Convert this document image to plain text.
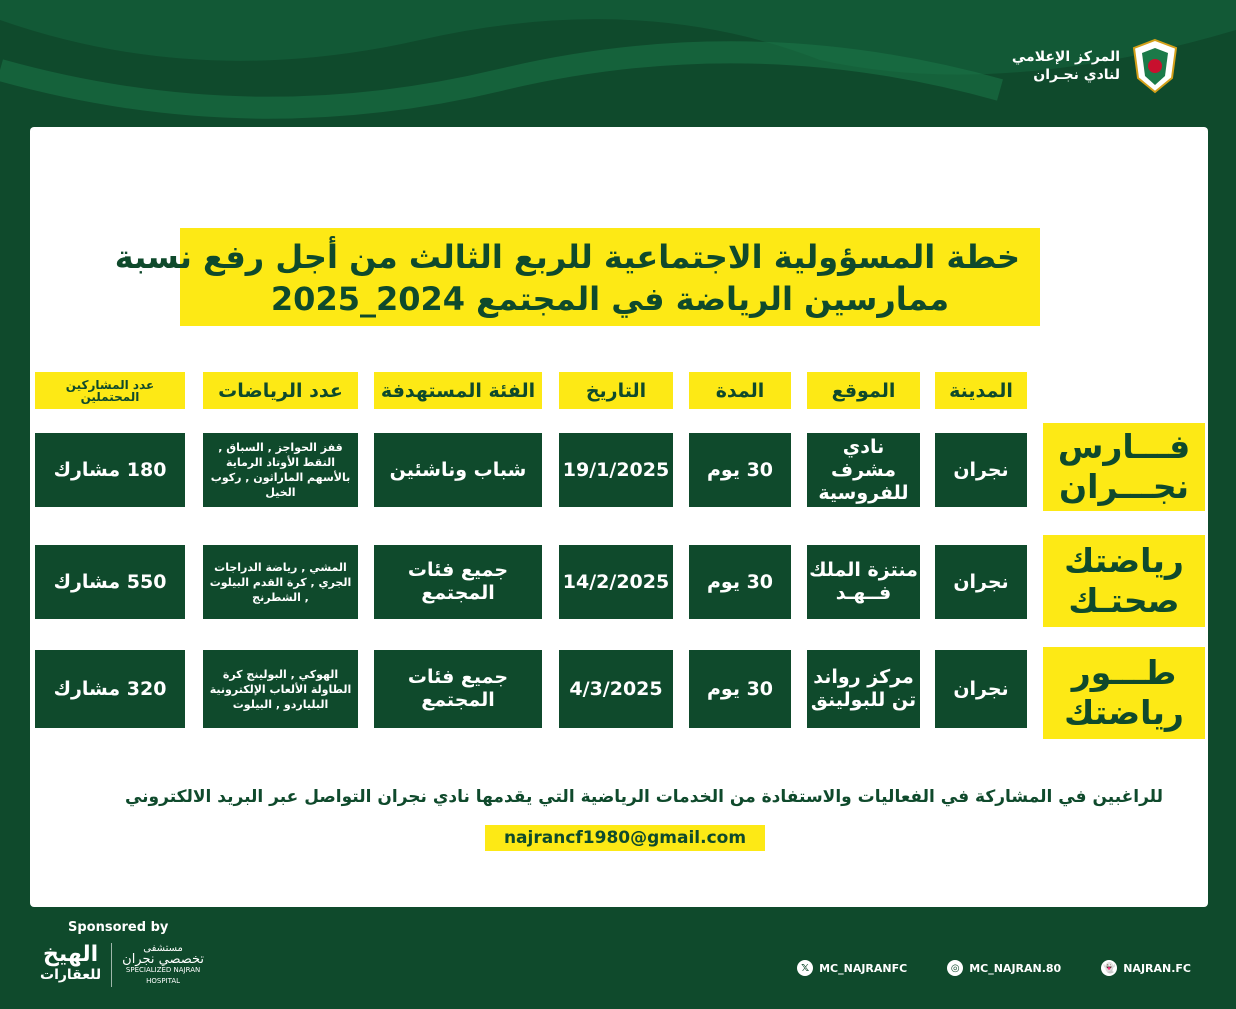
المركز الإعلامي
لنادي نجـران
خطة المسؤولية الاجتماعية للربع الثالث من أجل رفع نسبة
ممارسين الرياضة في المجتمع 2024_2025
المدينة
الموقع
المدة
التاريخ
الفئة المستهدفة
عدد الرياضات
عدد المشاركين المحتملين
فـــارس
نجـــران
نجران
نادي مشرف للفروسية
30 يوم
19/1/2025
شباب وناشئين
قفز الحواجز , السباق , التقط الأوتاد الرماية بالأسهم الماراثون , ركوب الخيل
180 مشارك
رياضتك
صحتـك
نجران
منتزة الملك فــهـد
30 يوم
14/2/2025
جميع فئات المجتمع
المشي , رياضة الدراجات الجري , كرة القدم البيلوت , الشطرنج
550 مشارك
طـــور
رياضتك
نجران
مركز رواند تن للبولينق
30 يوم
4/3/2025
جميع فئات المجتمع
الهوكي , البولينج كرة الطاولة الألعاب الإلكترونية البلياردو , البيلوت
320 مشارك
للراغبين في المشاركة في الفعاليات والاستفادة من الخدمات الرياضية التي يقدمها نادي نجران التواصل عبر البريد الالكتروني
najrancf1980@gmail.com
Sponsored by
الهيخ
للعقارات
مستشفى
تخصصي نجران
SPECIALIZED NAJRAN
HOSPITAL
𝕏 MC_NAJRANFC	◎ MC_NAJRAN.80	👻 NAJRAN.FC
